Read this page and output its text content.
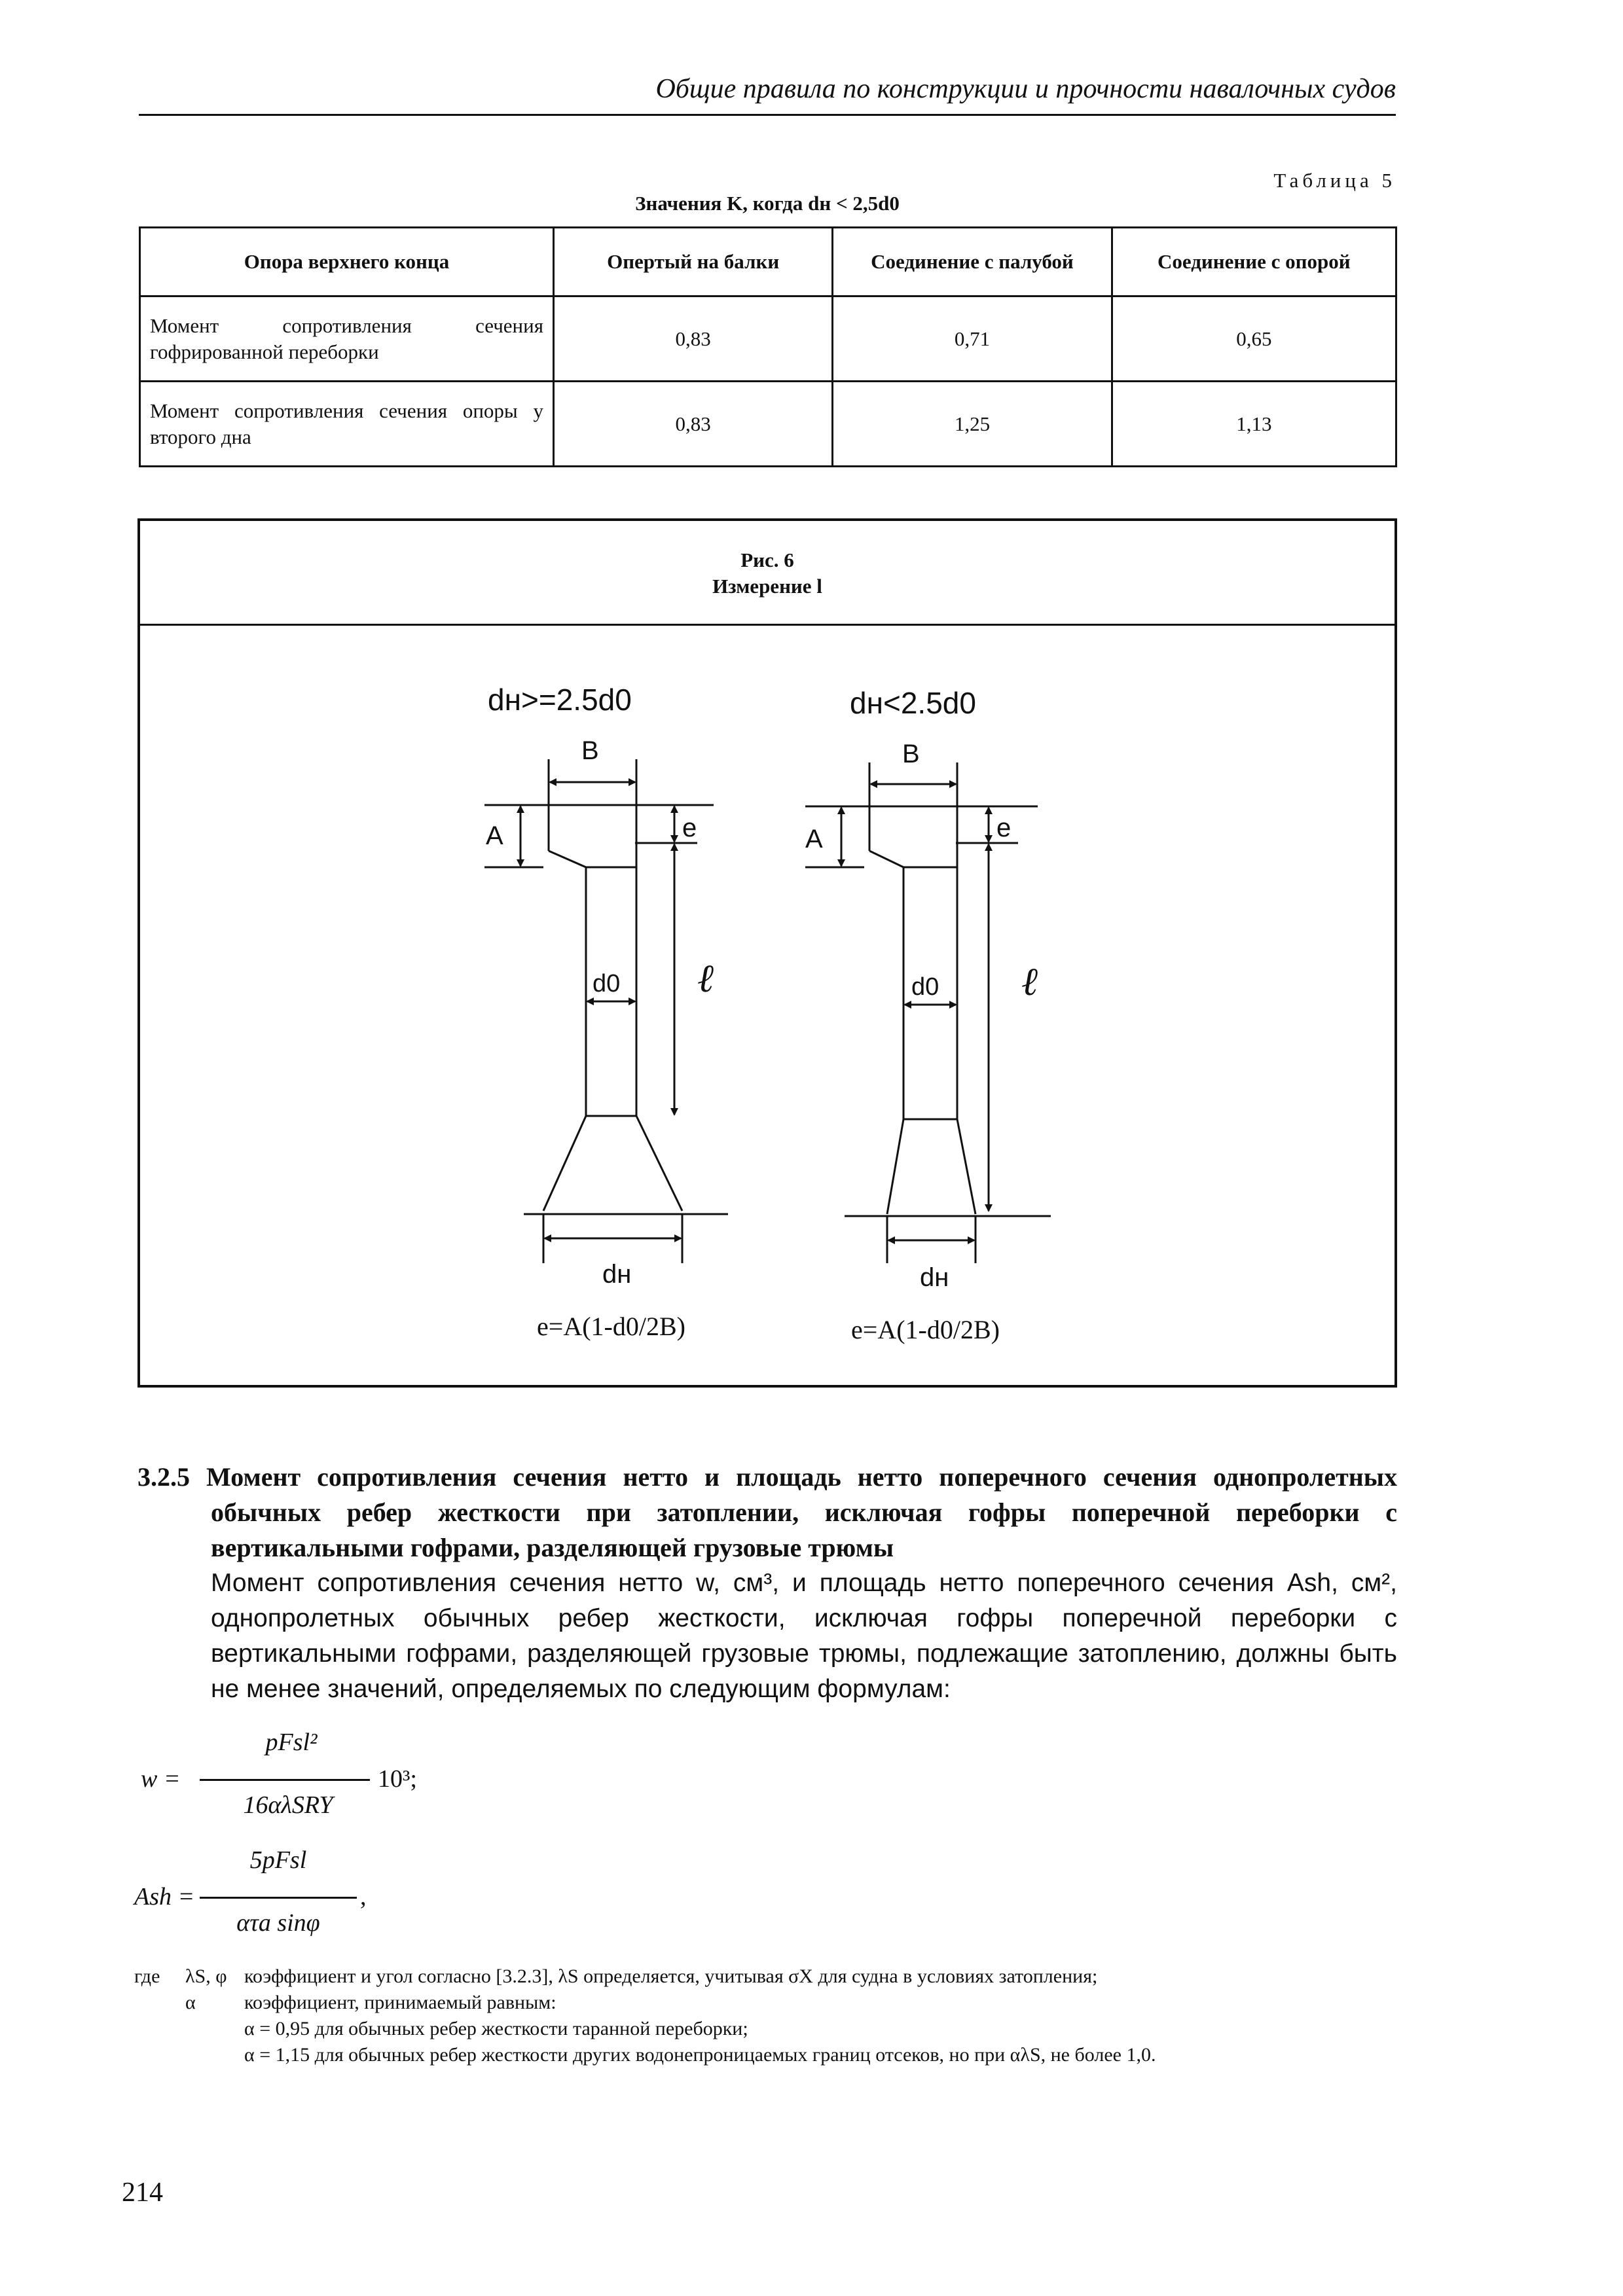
Общие правила по конструкции и прочности навалочных судов
Таблица 5
Значения K, когда dн < 2,5d0
Опора верхнего конца	Опертый на балки	Соединение с палубой	Соединение с опорой
Момент сопротивления сечения гофрированной переборки	0,83	0,71	0,65
Момент сопротивления сечения опоры у второго дна	0,83	1,25	1,13
Рис. 6
Измерение l
dн>=2.5d0
B
A	e
d0 ℓ
dн
e=A(1-d0/2B)
dн<2.5d0
B
A	e
d0 ℓ
dн
e=A(1-d0/2B)
3.2.5 Момент сопротивления сечения нетто и площадь нетто поперечного сечения однопролетных обычных ребер жесткости при затоплении, исключая гофры поперечной переборки с вертикальными гофрами, разделяющей грузовые трюмы
Момент сопротивления сечения нетто w, см³, и площадь нетто поперечного сечения Ash, см², однопролетных обычных ребер жесткости, исключая гофры поперечной переборки с вертикальными гофрами, разделяющей грузовые трюмы, подлежащие затоплению, должны быть не менее значений, определяемых по следующим формулам:
w =
pFsl²
16αλSRY
10³;
Ash =
5pFsl
ατa sinφ
,
где	λS, φ коэффициент и угол согласно [3.2.3], λS определяется, учитывая σX для судна в условиях затопления;
α	коэффициент, принимаемый равным:
α = 0,95 для обычных ребер жесткости таранной переборки;
α = 1,15 для обычных ребер жесткости других водонепроницаемых границ отсеков, но при αλS, не более 1,0.
214
